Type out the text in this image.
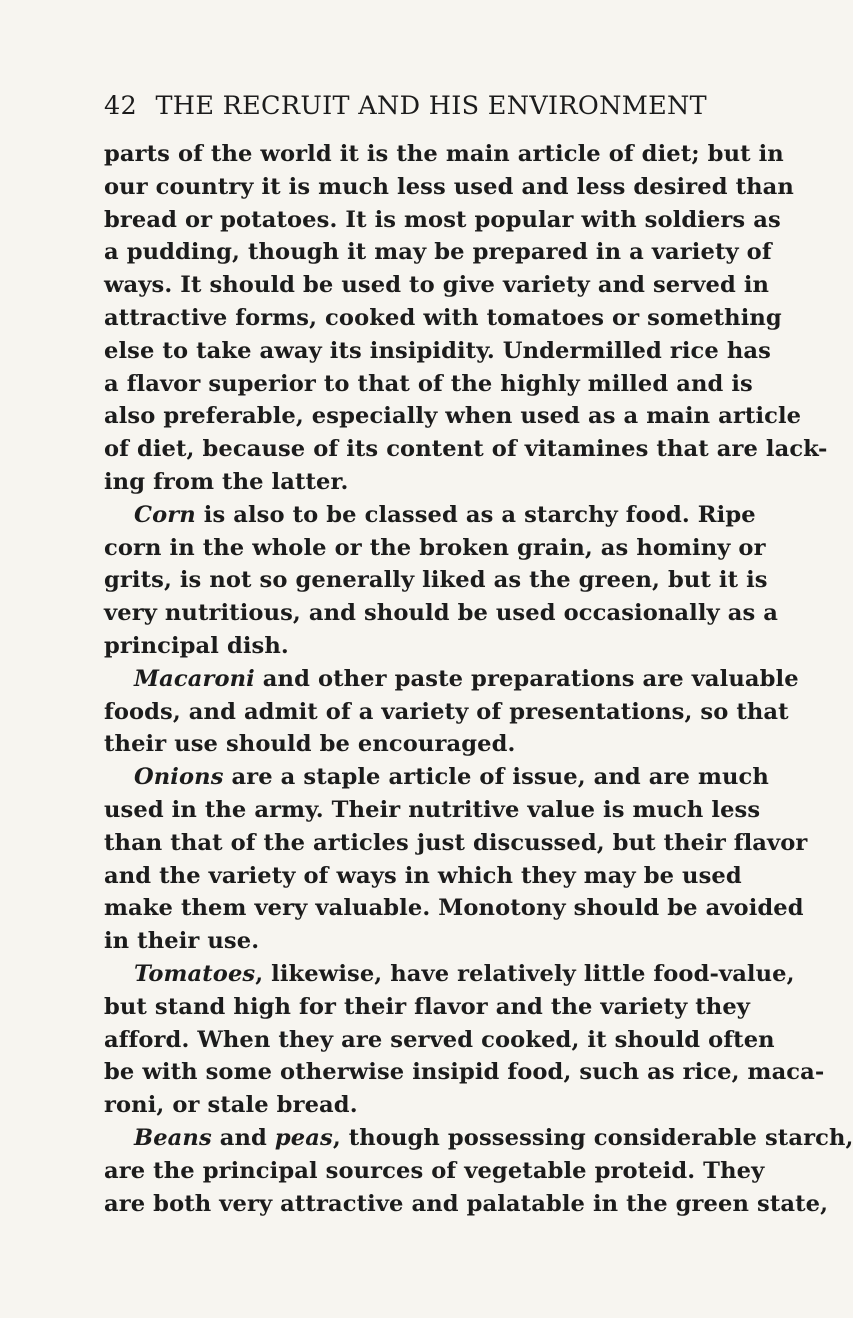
42 THE RECRUIT AND HIS ENVIRONMENT
parts of the world it is the main article of diet; but in
our country it is much less used and less desired than
bread or potatoes. It is most popular with soldiers as
a pudding, though it may be prepared in a variety of
ways. It should be used to give variety and served in
attractive forms, cooked with tomatoes or something
else to take away its insipidity. Undermilled rice has
a flavor superior to that of the highly milled and is
also preferable, especially when used as a main article
of diet, because of its content of vitamines that are lack-
ing from the latter.
Corn is also to be classed as a starchy food. Ripe
corn in the whole or the broken grain, as hominy or
grits, is not so generally liked as the green, but it is
very nutritious, and should be used occasionally as a
principal dish.
Macaroni and other paste preparations are valuable
foods, and admit of a variety of presentations, so that
their use should be encouraged.
Onions are a staple article of issue, and are much
used in the army. Their nutritive value is much less
than that of the articles just discussed, but their flavor
and the variety of ways in which they may be used
make them very valuable. Monotony should be avoided
in their use.
Tomatoes, likewise, have relatively little food-value,
but stand high for their flavor and the variety they
afford. When they are served cooked, it should often
be with some otherwise insipid food, such as rice, maca-
roni, or stale bread.
Beans and peas, though possessing considerable starch,
are the principal sources of vegetable proteid. They
are both very attractive and palatable in the green state,
